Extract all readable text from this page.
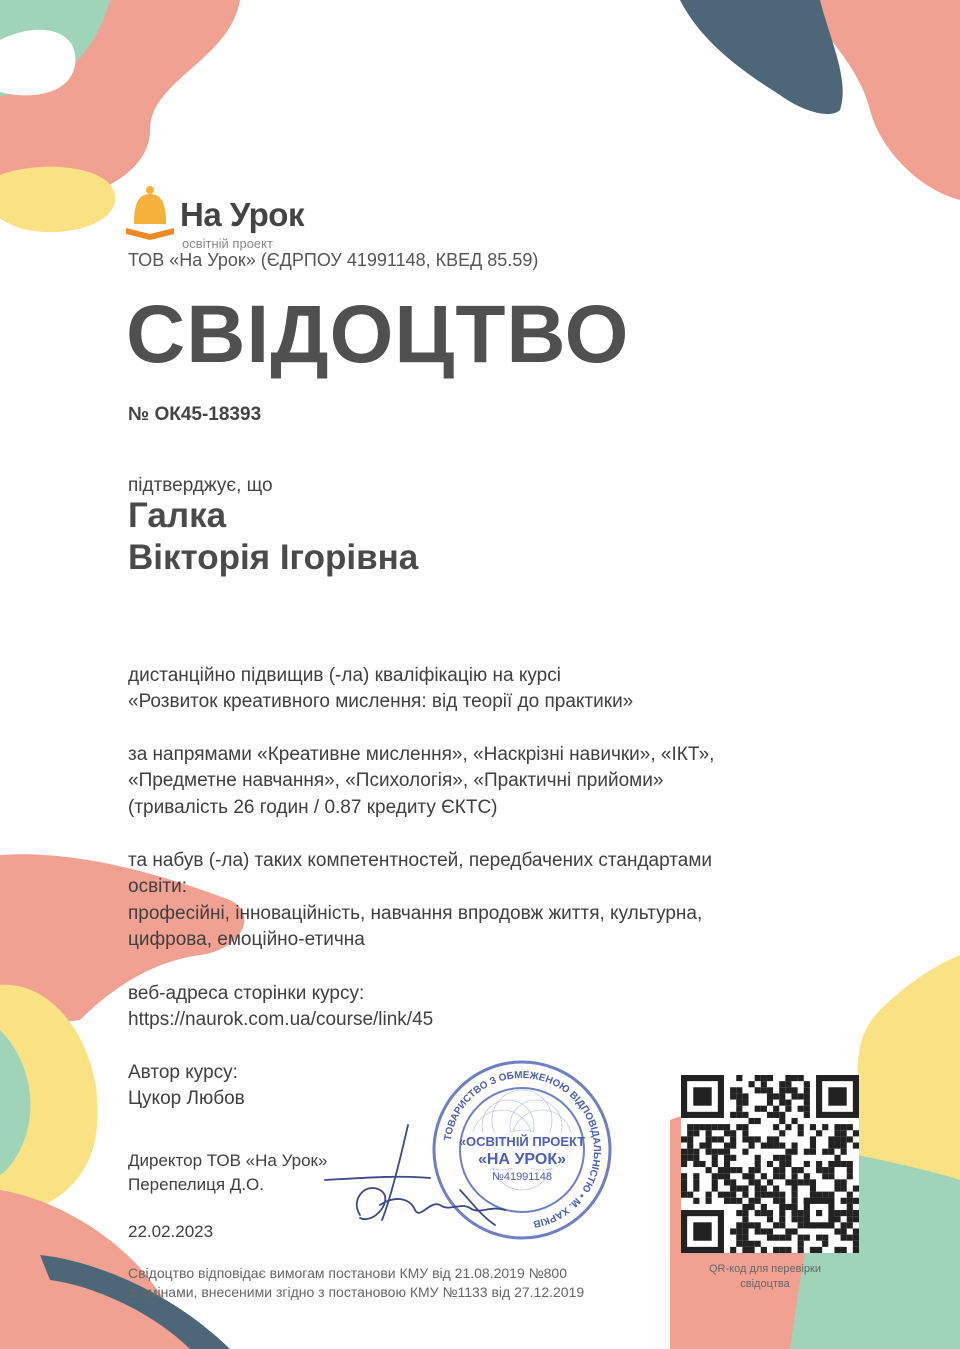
На Урок
освітній проект
ТОВ «На Урок» (ЄДРПОУ 41991148, КВЕД 85.59)
СВІДОЦТВО
№ ОК45-18393
підтверджує, що
Галка
Вікторія Ігорівна
дистанційно підвищив (-ла) кваліфікацію на курсі
«Розвиток креативного мислення: від теорії до практики»
за напрямами «Креативне мислення», «Наскрізні навички», «ІКТ»,
«Предметне навчання», «Психологія», «Практичні прийоми»
(тривалість 26 годин / 0.87 кредиту ЄКТС)
та набув (-ла) таких компетентностей, передбачених стандартами
освіти:
професійні, інноваційність, навчання впродовж життя, культурна,
цифрова, емоційно-етична
веб-адреса сторінки курсу:
https://naurok.com.ua/course/link/45
Автор курсу:
Цукор Любов
Директор ТОВ «На Урок»
Перепелиця Д.О.
22.02.2023
ТОВАРИСТВО З ОБМЕЖЕНОЮ ВІДПОВІДАЛЬНІСТЮ • М. ХАРКІВ
«ОСВІТНІЙ ПРОЕКТ
«НА УРОК»
№41991148
QR-код для перевірки
свідоцтва
Свідоцтво відповідає вимогам постанови КМУ від 21.08.2019 №800
зі змінами, внесеними згідно з постановою КМУ №1133 від 27.12.2019
